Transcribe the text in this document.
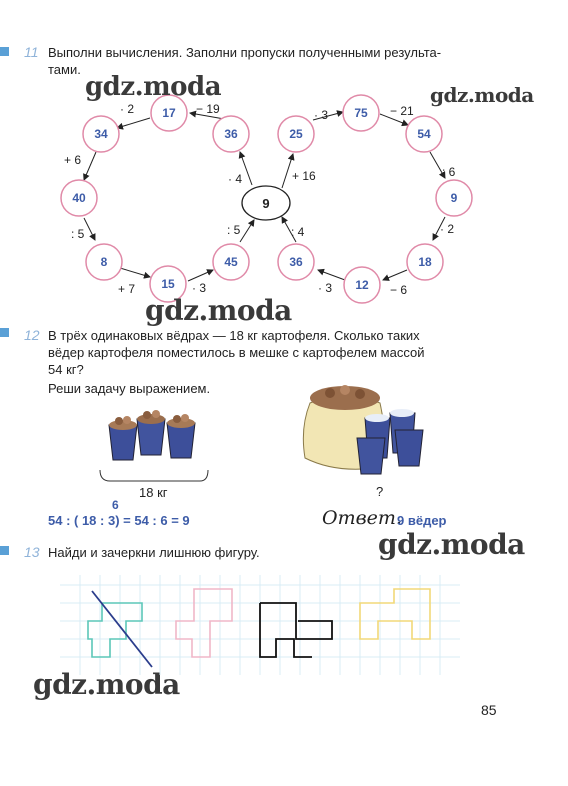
11 Выполни вычисления. Заполни пропуски полученными результа-
тами.
17
36
34
40
8
15
45
25
75
54
9
18
12
36
9
· 2	− 19
+ 6
: 5
+ 7	· 3
: 5
· 4
· 3	− 21
: 6
· 2
− 6
· 3
: 4
+ 16
gdz.moda	gdz.moda
gdz.moda
gdz.moda
gdz.moda
12 В трёх одинаковых вёдрах — 18 кг картофеля. Сколько таких
вёдер картофеля поместилось в мешке с картофелем массой
54 кг?
Реши задачу выражением.
18 кг	?
6
54 : ( 18 : 3) = 54 : 6 = 9	Ответ.
9 вёдер
13 Найди и зачеркни лишнюю фигуру.
85
